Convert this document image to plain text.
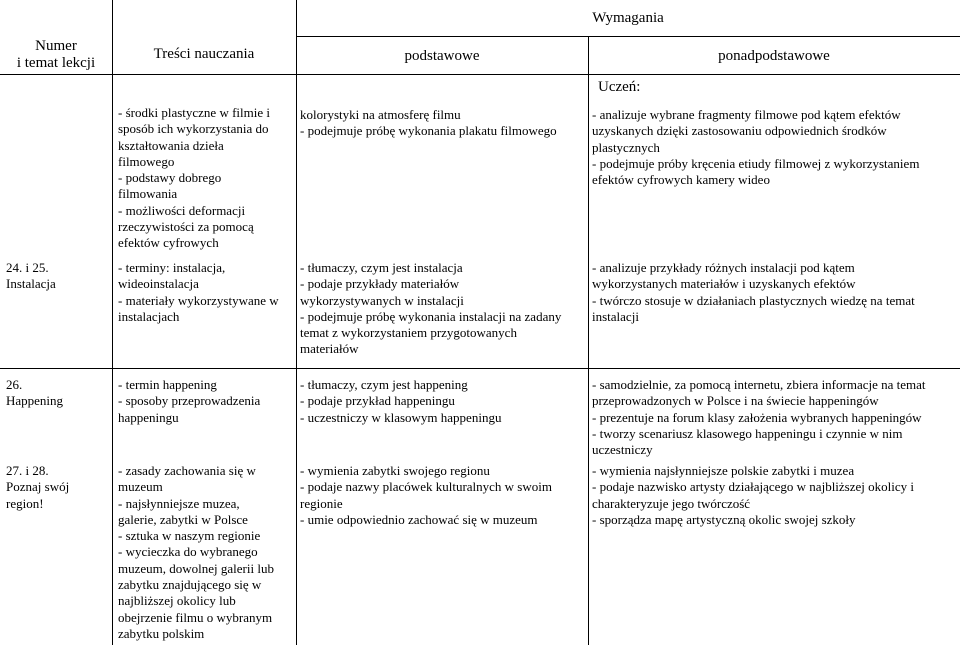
Numer
i temat lekcji
Treści nauczania
Wymagania
podstawowe	ponadpodstawowe
Uczeń:
24. i 25.
Instalacja
- środki plastyczne w filmie i
sposób ich wykorzystania do
kształtowania dzieła
filmowego
- podstawy dobrego
filmowania
- możliwości deformacji
rzeczywistości za pomocą
efektów cyfrowych
- terminy: instalacja,
wideoinstalacja
- materiały wykorzystywane w
instalacjach
kolorystyki na atmosferę filmu
- podejmuje próbę wykonania plakatu filmowego
- tłumaczy, czym jest instalacja
- podaje przykłady materiałów
wykorzystywanych w instalacji
- podejmuje próbę wykonania instalacji na zadany
temat z wykorzystaniem przygotowanych
materiałów
- analizuje wybrane fragmenty filmowe pod kątem efektów
uzyskanych dzięki zastosowaniu odpowiednich środków
plastycznych
- podejmuje próby kręcenia etiudy filmowej z wykorzystaniem
efektów cyfrowych kamery wideo
- analizuje przykłady różnych instalacji pod kątem
wykorzystanych materiałów i uzyskanych efektów
- twórczo stosuje w działaniach plastycznych wiedzę na temat
instalacji
26.
Happening
- termin happening
- sposoby przeprowadzenia
happeningu
- tłumaczy, czym jest happening
- podaje przykład happeningu
- uczestniczy w klasowym happeningu
- samodzielnie, za pomocą internetu, zbiera informacje na temat
przeprowadzonych w Polsce i na świecie happeningów
- prezentuje na forum klasy założenia wybranych happeningów
- tworzy scenariusz klasowego happeningu i czynnie w nim
uczestniczy
27. i 28.
Poznaj swój
region!
- zasady zachowania się w
muzeum
- najsłynniejsze muzea,
galerie, zabytki w Polsce
- sztuka w naszym regionie
- wycieczka do wybranego
muzeum, dowolnej galerii lub
zabytku znajdującego się w
najbliższej okolicy lub
obejrzenie filmu o wybranym
zabytku polskim
- wymienia zabytki swojego regionu
- podaje nazwy placówek kulturalnych w swoim
regionie
- umie odpowiednio zachować się w muzeum
- wymienia najsłynniejsze polskie zabytki i muzea
- podaje nazwisko artysty działającego w najbliższej okolicy i
charakteryzuje jego twórczość
- sporządza mapę artystyczną okolic swojej szkoły
